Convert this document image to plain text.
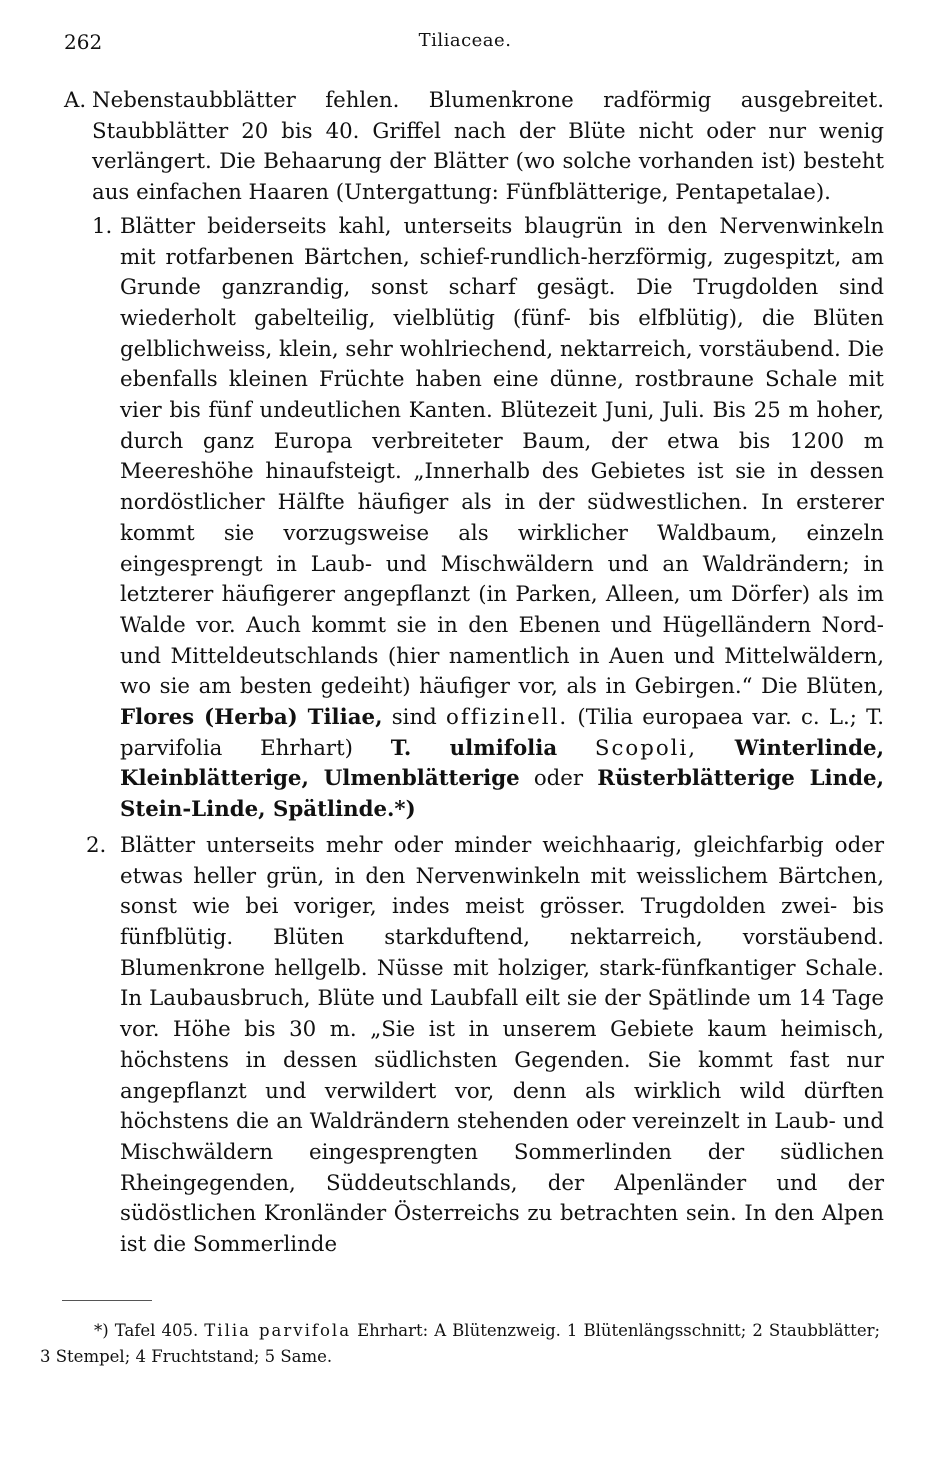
262	Tiliaceae.

A. Nebenstaubblätter fehlen. Blumenkrone radförmig ausgebreitet. Staubblätter 20 bis 40. Griffel nach der Blüte nicht oder nur wenig verlängert. Die Behaarung der Blätter (wo solche vorhanden ist) besteht aus einfachen Haaren (Untergattung: Fünfblätterige, Pentapetalae).

1. Blätter beiderseits kahl, unterseits blaugrün in den Nervenwinkeln mit rotfarbenen Bärtchen, schief-rundlich-herzförmig, zugespitzt, am Grunde ganzrandig, sonst scharf gesägt. Die Trugdolden sind wiederholt gabelteilig, vielblütig (fünf- bis elfblütig), die Blüten gelblichweiss, klein, sehr wohlriechend, nektarreich, vorstäubend. Die ebenfalls kleinen Früchte haben eine dünne, rostbraune Schale mit vier bis fünf undeutlichen Kanten. Blütezeit Juni, Juli. Bis 25 m hoher, durch ganz Europa verbreiteter Baum, der etwa bis 1200 m Meereshöhe hinaufsteigt. „Innerhalb des Gebietes ist sie in dessen nordöstlicher Hälfte häufiger als in der südwestlichen. In ersterer kommt sie vorzugsweise als wirklicher Waldbaum, einzeln eingesprengt in Laub- und Mischwäldern und an Waldrändern; in letzterer häufigerer angepflanzt (in Parken, Alleen, um Dörfer) als im Walde vor. Auch kommt sie in den Ebenen und Hügelländern Nord- und Mitteldeutschlands (hier namentlich in Auen und Mittelwäldern, wo sie am besten gedeiht) häufiger vor, als in Gebirgen.“ Die Blüten, Flores (Herba) Tiliae, sind offizinell. (Tilia europaea var. c. L.; T. parvifolia Ehrhart) T. ulmifolia Scopoli, Winterlinde, Kleinblätterige, Ulmenblätterige oder Rüsterblätterige Linde, Stein-Linde, Spätlinde.*)

2. Blätter unterseits mehr oder minder weichhaarig, gleichfarbig oder etwas heller grün, in den Nervenwinkeln mit weisslichem Bärtchen, sonst wie bei voriger, indes meist grösser. Trugdolden zwei- bis fünfblütig. Blüten starkduftend, nektarreich, vorstäubend. Blumenkrone hellgelb. Nüsse mit holziger, stark-fünfkantiger Schale. In Laubausbruch, Blüte und Laubfall eilt sie der Spätlinde um 14 Tage vor. Höhe bis 30 m. „Sie ist in unserem Gebiete kaum heimisch, höchstens in dessen südlichsten Gegenden. Sie kommt fast nur angepflanzt und verwildert vor, denn als wirklich wild dürften höchstens die an Waldrändern stehenden oder vereinzelt in Laub- und Mischwäldern eingesprengten Sommerlinden der südlichen Rheingegenden, Süddeutschlands, der Alpenländer und der südöstlichen Kronländer Österreichs zu betrachten sein. In den Alpen ist die Sommerlinde

*) Tafel 405. Tilia parvifola Ehrhart: A Blütenzweig. 1 Blütenlängsschnitt; 2 Staubblätter; 3 Stempel; 4 Fruchtstand; 5 Same.
